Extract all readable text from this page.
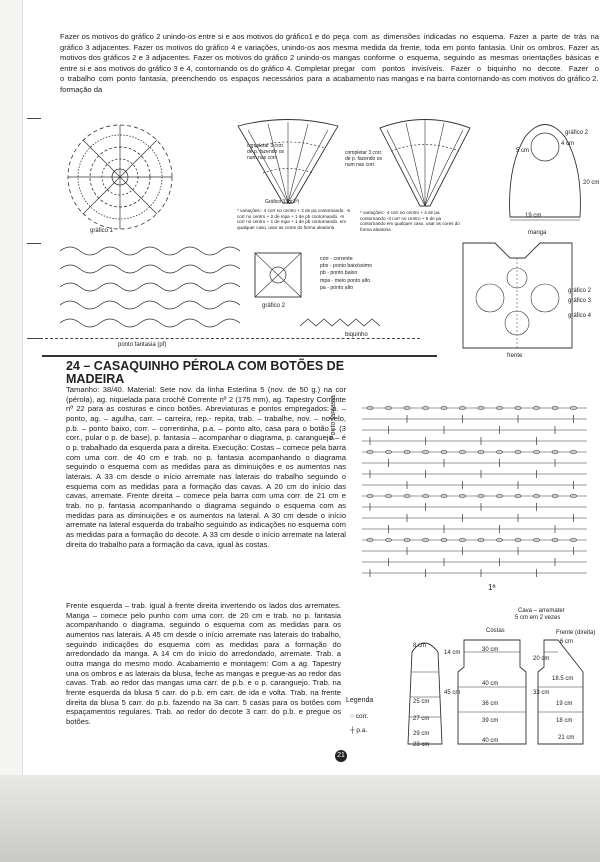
Fazer os motivos do gráfico 2 unindo-os entre si e aos motivos do gráfico1 e do gráfico 3 adjacentes. Fazer os motivos do gráfico 4 e variações, unindo-os aos motivos dos gráficos 2 e 3 adjacentes. Fazer os motivos do gráfico 2 unindo-os entre si e aos motivos do gráfico 3 e 4, contornando os do gráfico 4. Completar o trabalho com ponto fantasia, preenchendo os espaços necessários para a formação da
peça com as dimensões indicadas no esquema. Fazer a parte de trás na mesma medida da frente, toda em ponto fantasia. Unir os ombros. Fazer as mangas conforme o esquema, seguindo as mesmas orientações básicas e pregar com pontos invisíveis. Fazer o biquinho no decote. Fazer o acabamento nas mangas e na barra contornando-as com motivos do gráfico 2.
gráfico 1
completar 3 corr. de p. fazendo os num nas corr.
Gráfico 3 (gr3ª)
* variações:- 4 corr no centro + 2 de pa contornando. -5 corr no centro + 2 de mpa + 1 de pb contornando. -9 corr no centro + 1 de mpa + 1 de pb contornando. em qualquer caso, usar as cores do forma aleatoria
completar 3 corr. de p. fazendo os num nas corr.
* variações:- 4 corr no centro + 4 de pa contornando -3 corr no centro + 5 de pa contornando em qualquer caso, usar as cores do forma aleatoria
manga
5 cm
4 cm
19 cm
20 cm
gráfico 2
ponto fantasia (pf)
gráfico 2
corr - corrente
pbx - ponto baixíssimo
pb - ponto baixo
mpa - meio ponto alto
pa - ponto alto
biquinho
frente
gráfico 2
gráfico 3
gráfico 4
24 – CASAQUINHO PÉROLA COM BOTÕES DE MADEIRA
Tamanho: 38/40. Material: Sete nov. da linha Esterlina 5 (nov. de 50 g.) na cor (pérola), ag. niquelada para crochê Corrente nº 2 (175 mm), ag. Tapestry Corrente nº 22 para as costuras e cinco botões. Abreviaturas e pontos empregados: p. – ponto, ag. – agulha, carr. – carreira, rep.- repita, trab. – trabalhe, nov. – novelo, p.b. – ponto baixo, corr. – correntinha, p.a. – ponto alto, casa para o botão – (3 corr., pular o p. de base), p. fantasia – acompanhar o diagrama, p. caranguejo – é o p. trabalhado da esquerda para a direita. Execução: Costas – comece pela barra com uma corr. de 40 cm e trab. no p. fantasia acompanhando o diagrama seguindo o esquema com as medidas para as diminuições e os aumentos nas laterais. A 33 cm desde o início arremate nas laterais do trabalho seguindo o esquema com as medidas para a formação das cavas. A 20 cm do início das cavas, arremate. Frente direita – comece pela barra com uma corr. de 21 cm e trab. no p. fantasia acompanhando o diagrama seguindo o esquema com as medidas para as diminuições e os aumentos na lateral. A 30 cm desde o início arremate na lateral esquerda do trabalho seguindo as indicações no esquema com as medidas para a formação do decote. A 33 cm desde o início arremate na lateral direita do trabalho para a formação da cava, igual às costas.
Frente esquerda – trab. igual à frente direita invertendo os lados dos arremates. Manga – comece pelo punho com uma corr. de 20 cm e trab. no p. fantasia acompanhando o diagrama, seguindo o esquema com as medidas para os aumentos nas laterais. A 45 cm desde o início arremate nas laterais do trabalho, seguindo indicações do esquema com as medidas para a formação do arredondado da manga. A 14 cm do início do arredondado, arremate. Trab. a outra manga do mesmo modo. Acabamento e montagem: Com a ag. Tapestry una os ombros e as laterais da blusa, feche as mangas e pregue-as ao redor das cavas. Trab. ao redor das mangas uma carr. de p.b. e o p. caranguejo. Trab. na frente esquerda da blusa 5 carr. do p.b. em carr. de ida e volta. Trab. na frente direita da blusa 5 carr. do p.b. fazendo na 3a carr. 5 casas para os botões com espaçamentos regulares. Trab. ao redor do decote 3 carr. do p.b. e pregue os botões.
Ponto fantasia
1ª
Cava – arremater
5 cm em 2 vezes
Costas	Frente (direita)
30 cm
40 cm
36 cm
39 cm
40 cm
6 cm
18.5 cm
19 cm
18 cm
21 cm
8 cm
14 cm
25 cm
27 cm
29 cm
23 cm
45 cm
20 cm
33 cm
Legenda
○ corr.
┼ p.a.
21
